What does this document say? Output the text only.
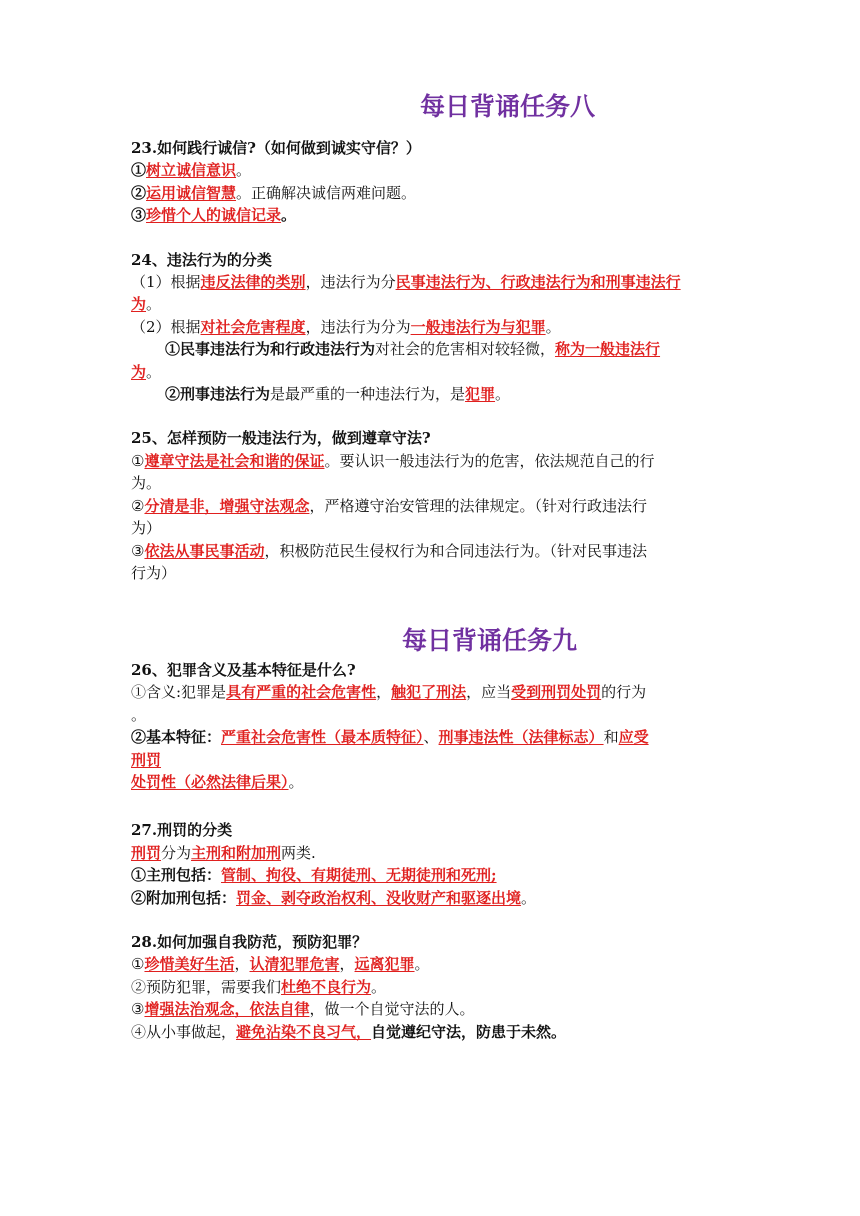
每日背诵任务八
23.如何践行诚信?（如何做到诚实守信？）
①树立诚信意识。
②运用诚信智慧。正确解决诚信两难问题。
③珍惜个人的诚信记录。
24、违法行为的分类
（1）根据违反法律的类别，违法行为分民事违法行为、行政违法行为和刑事违法行
为。
（2）根据对社会危害程度，违法行为分为一般违法行为与犯罪。
①民事违法行为和行政违法行为对社会的危害相对较轻微，称为一般违法行
为。
②刑事违法行为是最严重的一种违法行为，是犯罪。
25、怎样预防一般违法行为，做到遵章守法?
①遵章守法是社会和谐的保证。要认识一般违法行为的危害，依法规范自己的行
为。
②分清是非，增强守法观念，严格遵守治安管理的法律规定。（针对行政违法行
为）
③依法从事民事活动，积极防范民生侵权行为和合同违法行为。（针对民事违法
行为）
每日背诵任务九
26、犯罪含义及基本特征是什么?
①含义:犯罪是具有严重的社会危害性，触犯了刑法，应当受到刑罚处罚的行为
。
②基本特征：严重社会危害性（最本质特征）、刑事违法性（法律标志）和应受
刑罚
处罚性（必然法律后果）。
27.刑罚的分类
刑罚分为主刑和附加刑两类.
①主刑包括：管制、拘役、有期徒刑、无期徒刑和死刑;
②附加刑包括：罚金、剥夺政治权利、没收财产和驱逐出境。
28.如何加强自我防范，预防犯罪？
①珍惜美好生活，认清犯罪危害，远离犯罪。
②预防犯罪，需要我们杜绝不良行为。
③增强法治观念，依法自律，做一个自觉守法的人。
④从小事做起，避免沾染不良习气，自觉遵纪守法，防患于未然。
